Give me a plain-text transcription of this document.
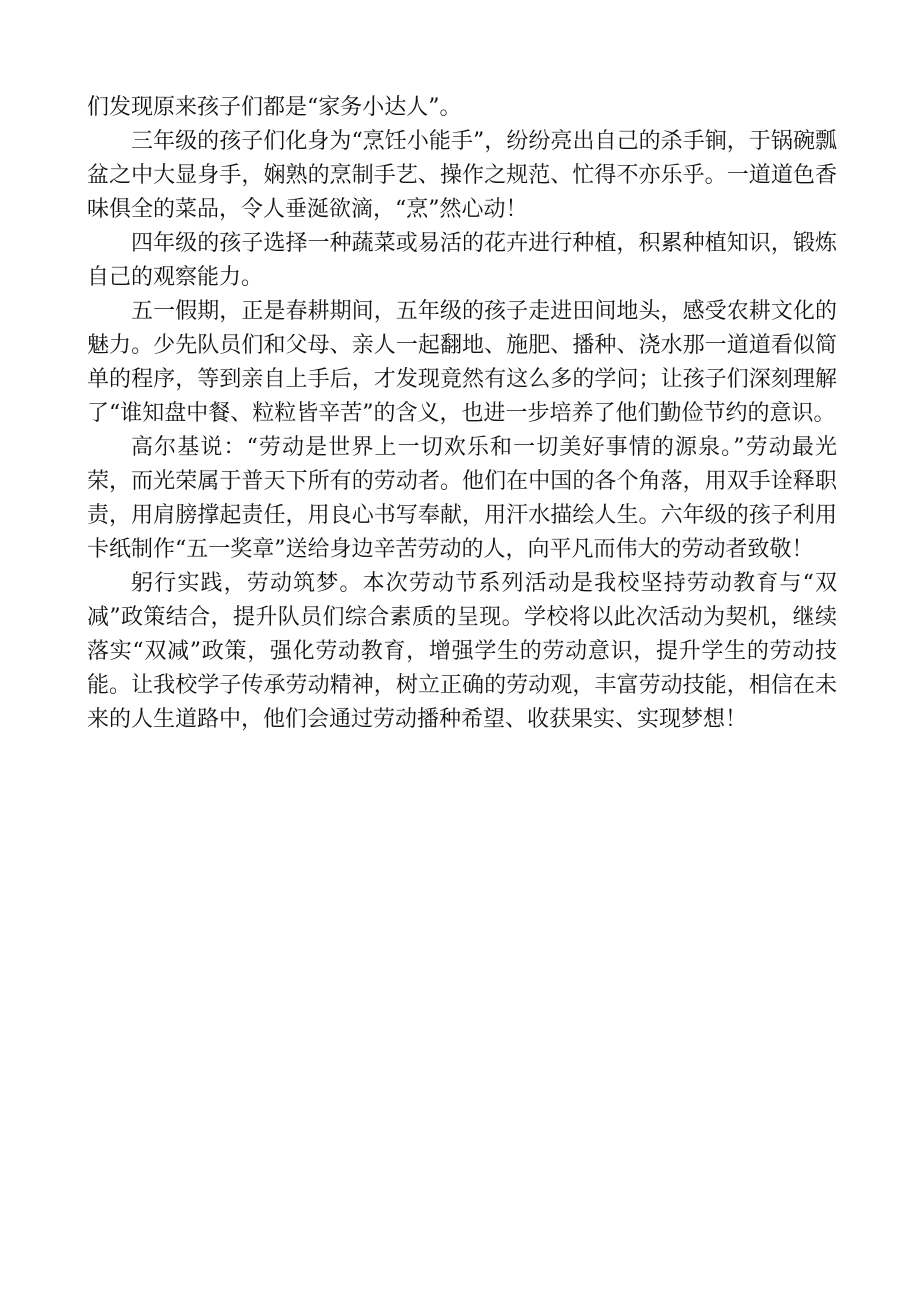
们发现原来孩子们都是“家务小达人”。

三年级的孩子们化身为“烹饪小能手”，纷纷亮出自己的杀手锏，于锅碗瓢盆之中大显身手，娴熟的烹制手艺、操作之规范、忙得不亦乐乎。一道道色香味俱全的菜品，令人垂涎欲滴，“烹”然心动！

四年级的孩子选择一种蔬菜或易活的花卉进行种植，积累种植知识，锻炼自己的观察能力。

五一假期，正是春耕期间，五年级的孩子走进田间地头，感受农耕文化的魅力。少先队员们和父母、亲人一起翻地、施肥、播种、浇水那一道道看似简单的程序，等到亲自上手后，才发现竟然有这么多的学问；让孩子们深刻理解了“谁知盘中餐、粒粒皆辛苦”的含义，也进一步培养了他们勤俭节约的意识。

高尔基说：“劳动是世界上一切欢乐和一切美好事情的源泉。”劳动最光荣，而光荣属于普天下所有的劳动者。他们在中国的各个角落，用双手诠释职责，用肩膀撑起责任，用良心书写奉献，用汗水描绘人生。六年级的孩子利用卡纸制作“五一奖章”送给身边辛苦劳动的人，向平凡而伟大的劳动者致敬！

躬行实践，劳动筑梦。本次劳动节系列活动是我校坚持劳动教育与“双减”政策结合，提升队员们综合素质的呈现。学校将以此次活动为契机，继续落实“双减”政策，强化劳动教育，增强学生的劳动意识，提升学生的劳动技能。让我校学子传承劳动精神，树立正确的劳动观，丰富劳动技能，相信在未来的人生道路中，他们会通过劳动播种希望、收获果实、实现梦想！
